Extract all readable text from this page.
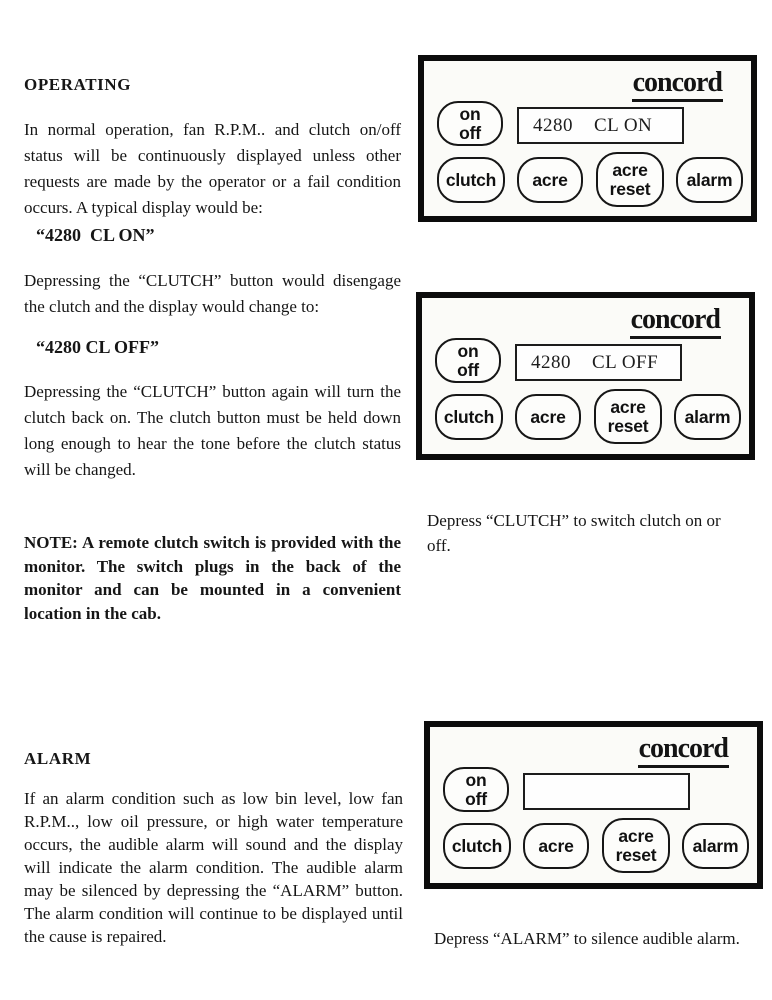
OPERATING
In normal operation, fan R.P.M.. and clutch on/off status will be continuously displayed unless other requests are made by the operator or a fail condition occurs. A typical display would be:
“4280  CL ON”
Depressing the “CLUTCH” button would disengage the clutch and the display would change to:
“4280 CL OFF”
Depressing the “CLUTCH” button again will turn the clutch back on. The clutch button must be held down long enough to hear the tone before the clutch status will be changed.
NOTE: A remote clutch switch is provided with the monitor. The switch plugs in the back of the monitor and can be mounted in a convenient location in the cab.
ALARM
If an alarm condition such as low bin level, low fan R.P.M.., low oil pressure, or high water temperature occurs, the audible alarm will sound and the display will indicate the alarm condition. The audible alarm may be silenced by depressing the “ALARM” button. The alarm condition will continue to be displayed until the cause is repaired.
concord
on
off	4280    CL ON
clutch acre	acre
reset alarm
concord
on
off	4280    CL OFF
clutch acre	acre
reset alarm
Depress “CLUTCH” to switch clutch on or off.
concord
on
off
clutch acre	acre
reset alarm
Depress “ALARM” to silence audible alarm.
